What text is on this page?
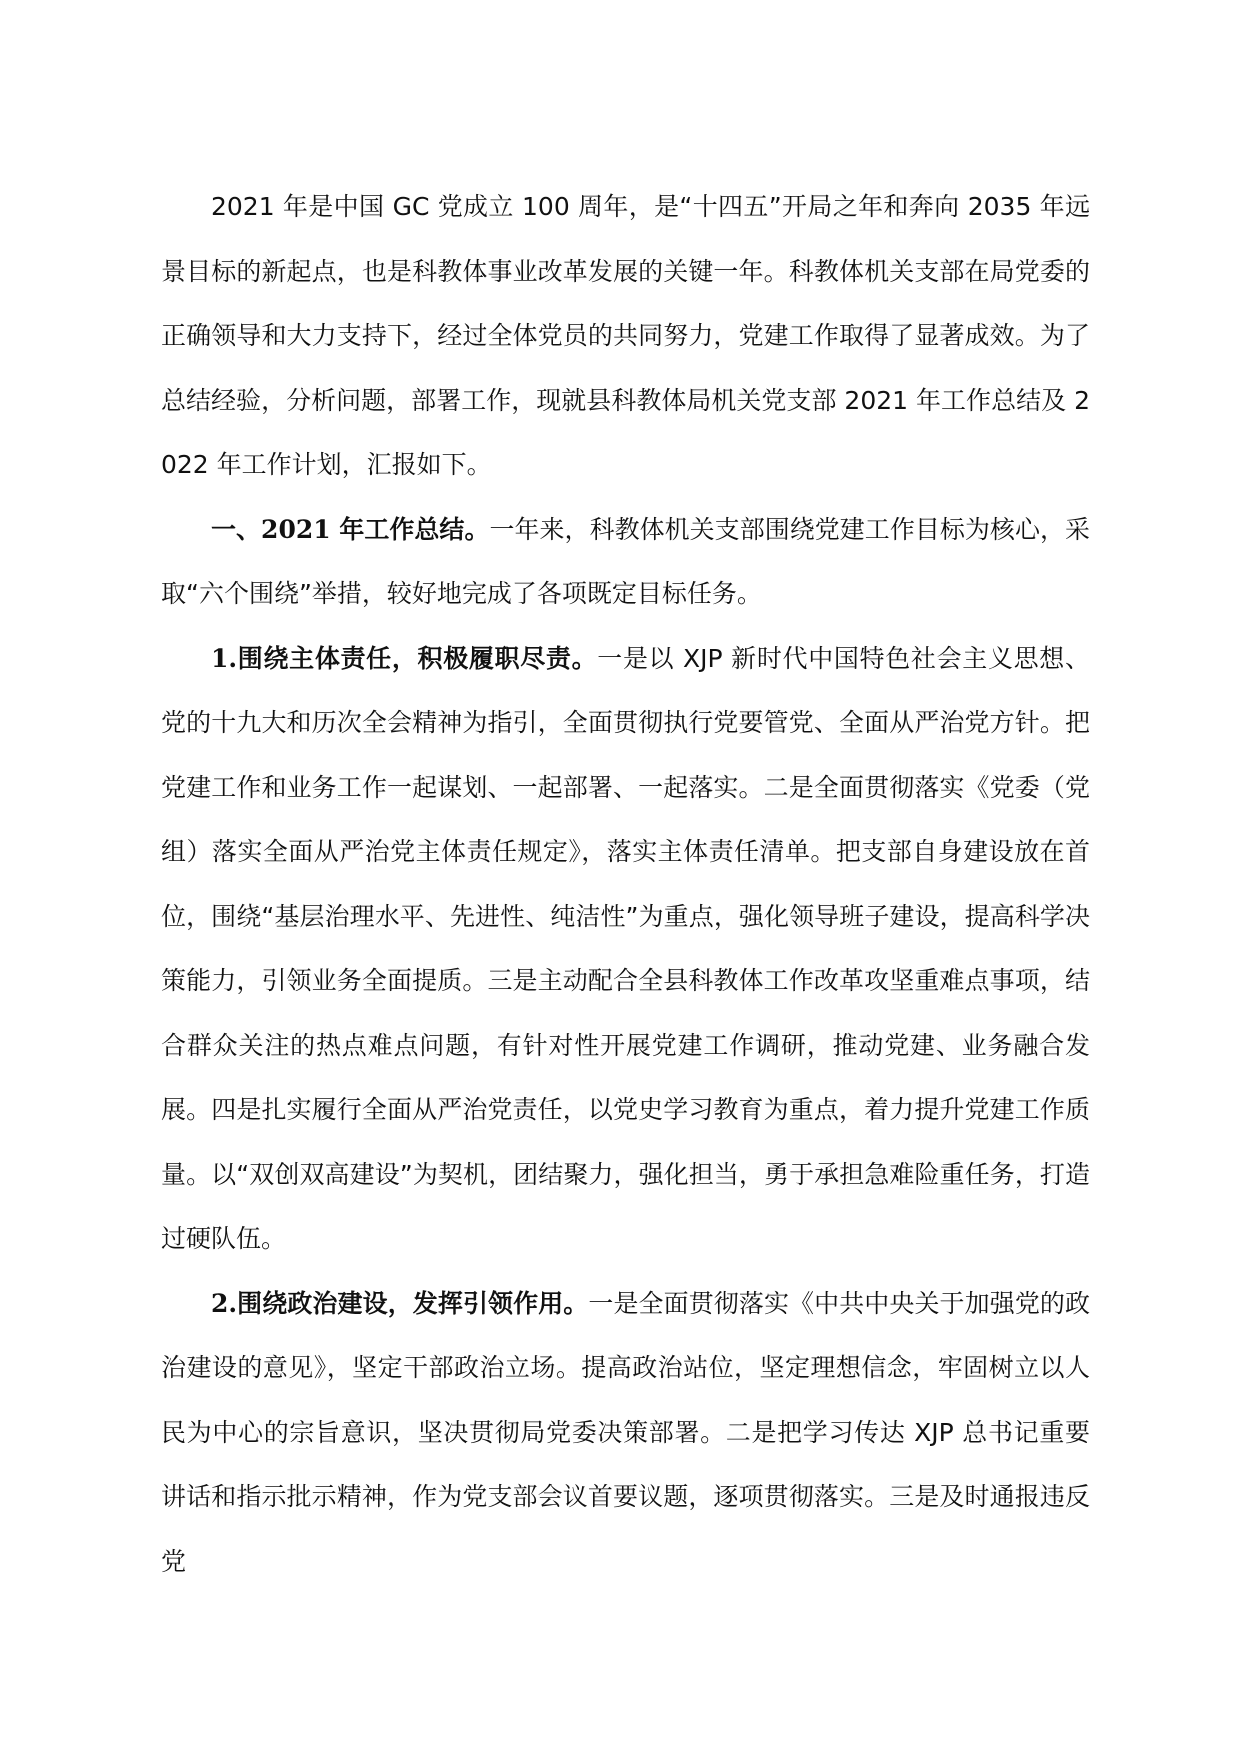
2021 年是中国 GC 党成立 100 周年，是“十四五”开局之年和奔向 2035 年远景目标的新起点，也是科教体事业改革发展的关键一年。科教体机关支部在局党委的正确领导和大力支持下，经过全体党员的共同努力，党建工作取得了显著成效。为了总结经验，分析问题，部署工作，现就县科教体局机关党支部 2021 年工作总结及 2022 年工作计划，汇报如下。

一、2021 年工作总结。一年来，科教体机关支部围绕党建工作目标为核心，采取“六个围绕”举措，较好地完成了各项既定目标任务。

1.围绕主体责任，积极履职尽责。一是以 XJP 新时代中国特色社会主义思想、党的十九大和历次全会精神为指引，全面贯彻执行党要管党、全面从严治党方针。把党建工作和业务工作一起谋划、一起部署、一起落实。二是全面贯彻落实《党委（党组）落实全面从严治党主体责任规定》，落实主体责任清单。把支部自身建设放在首位，围绕“基层治理水平、先进性、纯洁性”为重点，强化领导班子建设，提高科学决策能力，引领业务全面提质。三是主动配合全县科教体工作改革攻坚重难点事项，结合群众关注的热点难点问题，有针对性开展党建工作调研，推动党建、业务融合发展。四是扎实履行全面从严治党责任，以党史学习教育为重点，着力提升党建工作质量。以“双创双高建设”为契机，团结聚力，强化担当，勇于承担急难险重任务，打造过硬队伍。

2.围绕政治建设，发挥引领作用。一是全面贯彻落实《中共中央关于加强党的政治建设的意见》，坚定干部政治立场。提高政治站位，坚定理想信念，牢固树立以人民为中心的宗旨意识，坚决贯彻局党委决策部署。二是把学习传达 XJP 总书记重要讲话和指示批示精神，作为党支部会议首要议题，逐项贯彻落实。三是及时通报违反党
